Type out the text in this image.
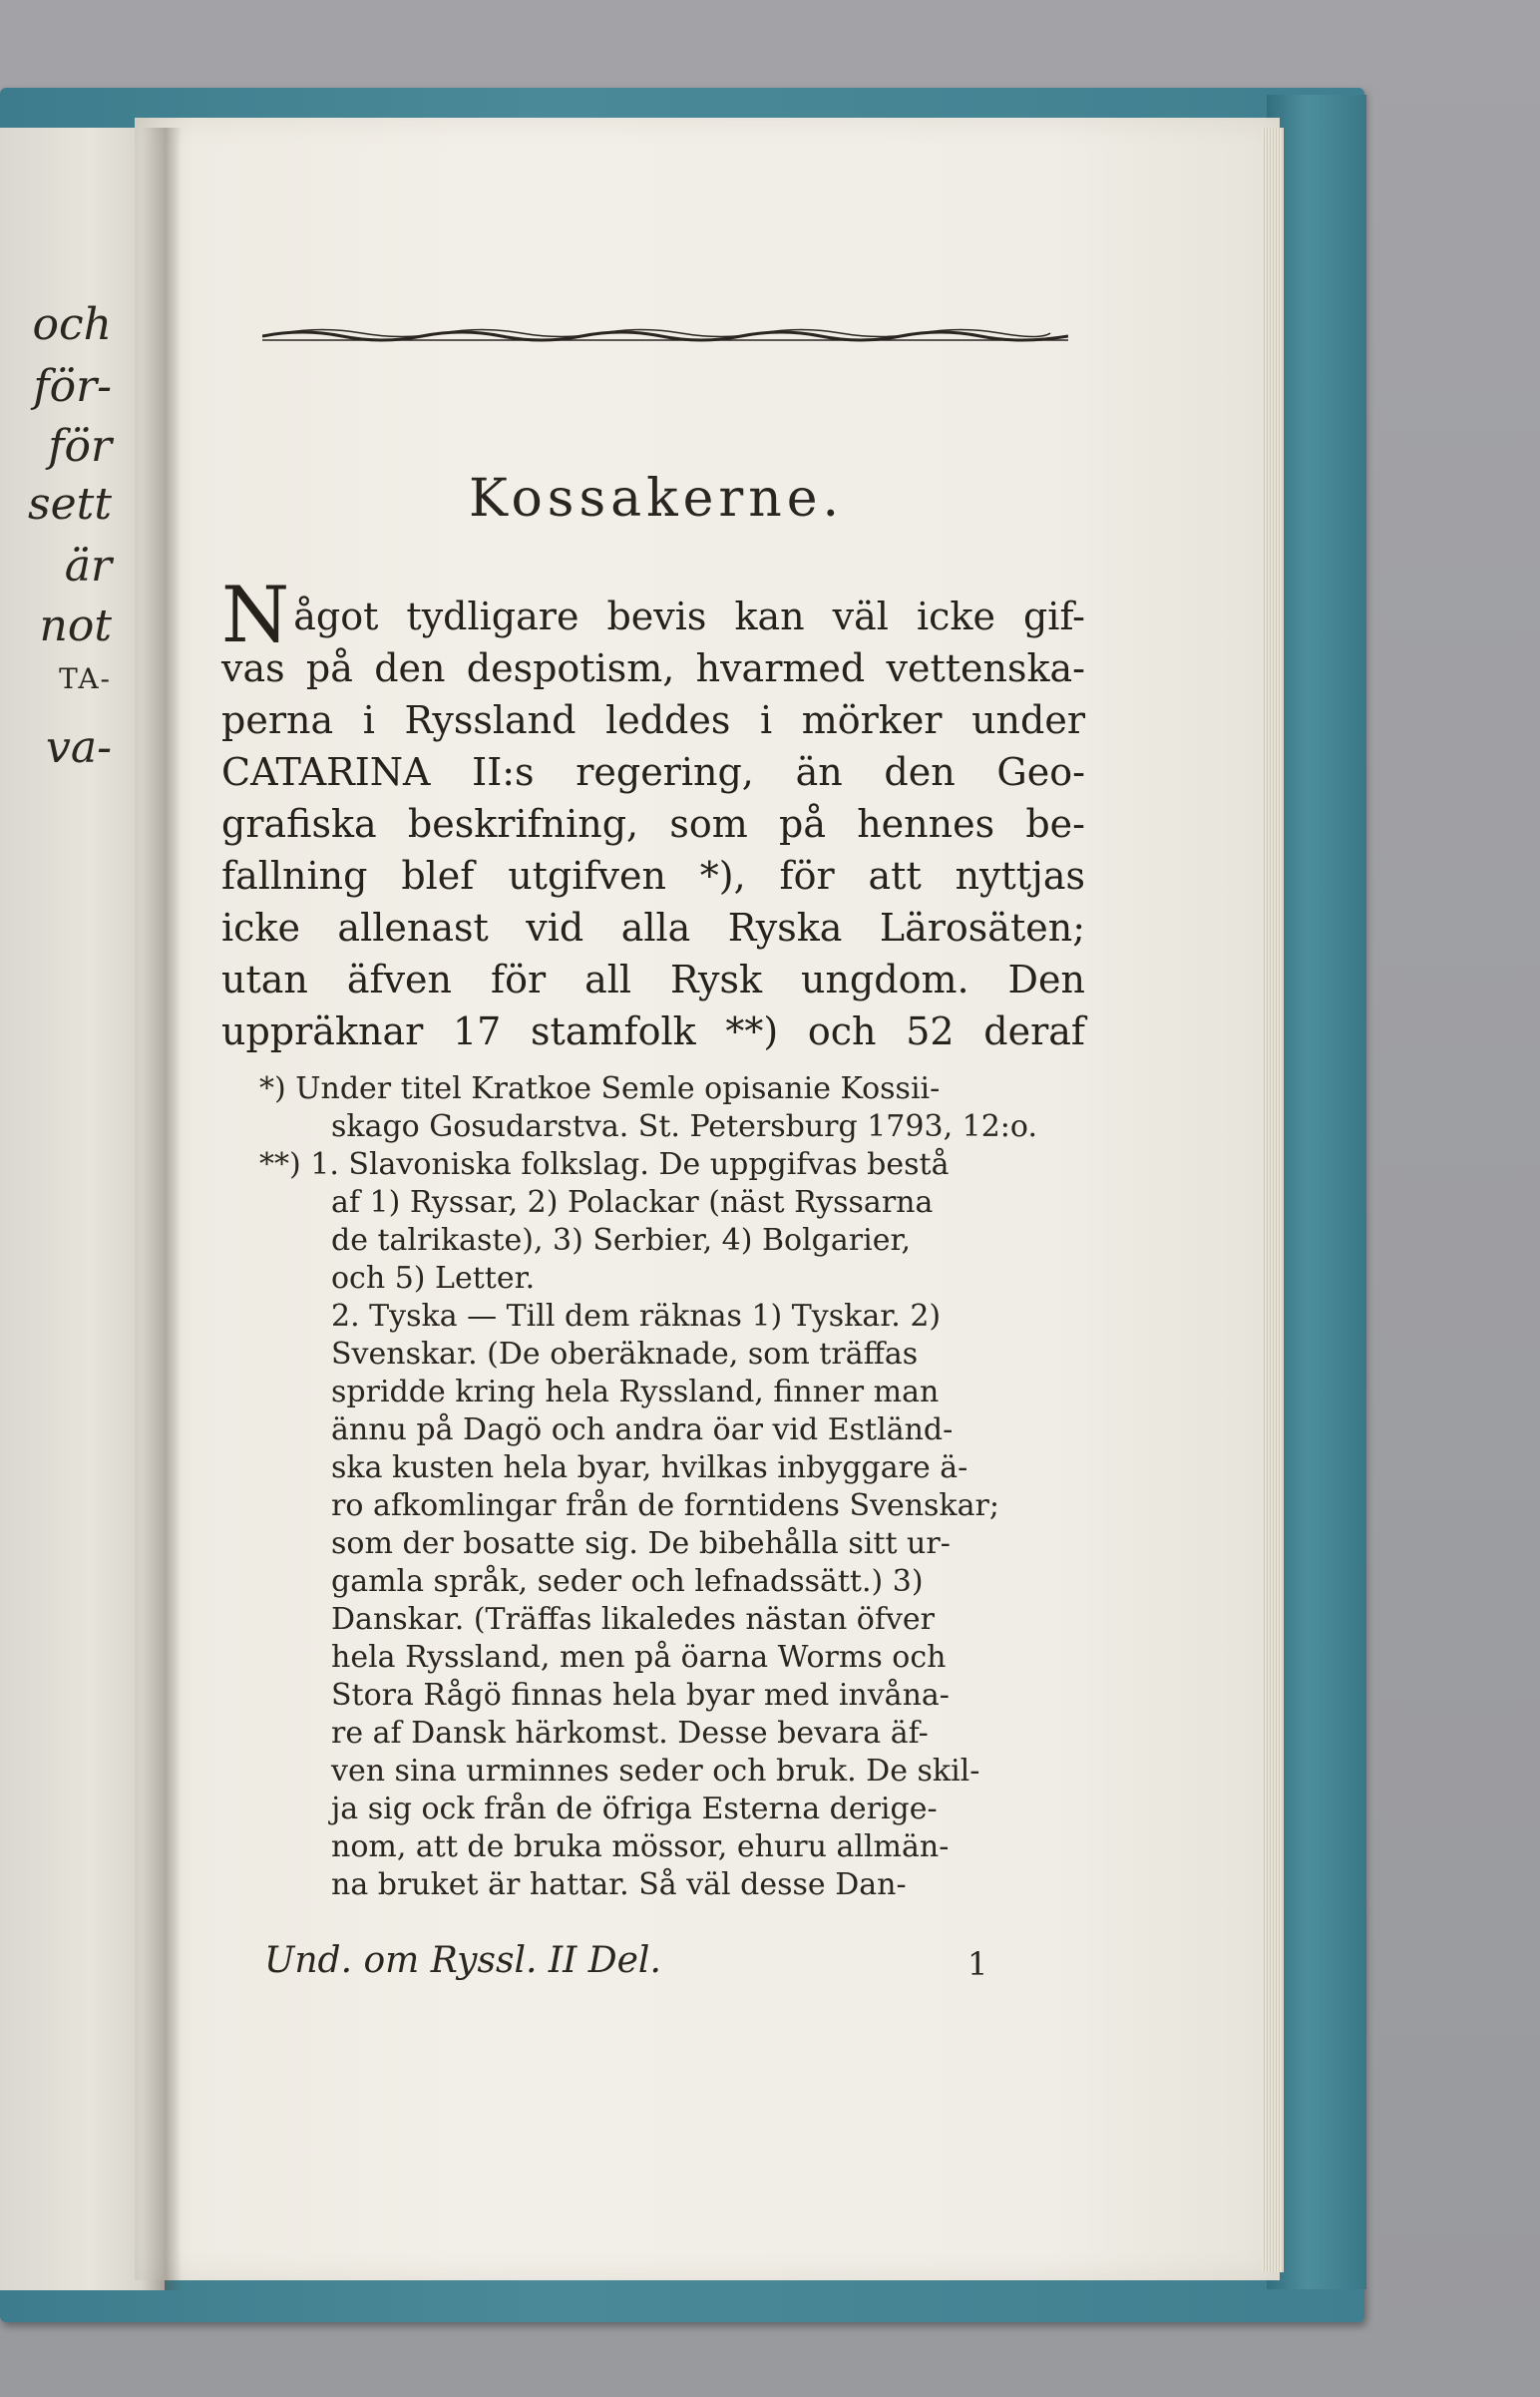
och
för-
för
sett
är
not
TA-
va-
Kossakerne.
Något tydligare bevis kan väl icke gif-
vas på den despotism, hvarmed vettenska-
perna i Ryssland leddes i mörker under
CATARINA II:s regering, än den Geo-
grafiska beskrifning, som på hennes be-
fallning blef utgifven *), för att nyttjas
icke allenast vid alla Ryska Lärosäten;
utan äfven för all Rysk ungdom. Den
uppräknar 17 stamfolk **) och 52 deraf
*) Under titel Kratkoe Semle opisanie Kossii-
skago Gosudarstva. St. Petersburg 1793, 12:o.
**) 1. Slavoniska folkslag. De uppgifvas bestå
af 1) Ryssar, 2) Polackar (näst Ryssarna
de talrikaste), 3) Serbier, 4) Bolgarier,
och 5) Letter.
2. Tyska — Till dem räknas 1) Tyskar. 2)
Svenskar. (De oberäknade, som träffas
spridde kring hela Ryssland, finner man
ännu på Dagö och andra öar vid Estländ-
ska kusten hela byar, hvilkas inbyggare ä-
ro afkomlingar från de forntidens Svenskar;
som der bosatte sig. De bibehålla sitt ur-
gamla språk, seder och lefnadssätt.) 3)
Danskar. (Träffas likaledes nästan öfver
hela Ryssland, men på öarna Worms och
Stora Rågö finnas hela byar med invåna-
re af Dansk härkomst. Desse bevara äf-
ven sina urminnes seder och bruk. De skil-
ja sig ock från de öfriga Esterna derige-
nom, att de bruka mössor, ehuru allmän-
na bruket är hattar. Så väl desse Dan-
Und. om Ryssl. II Del.	1
